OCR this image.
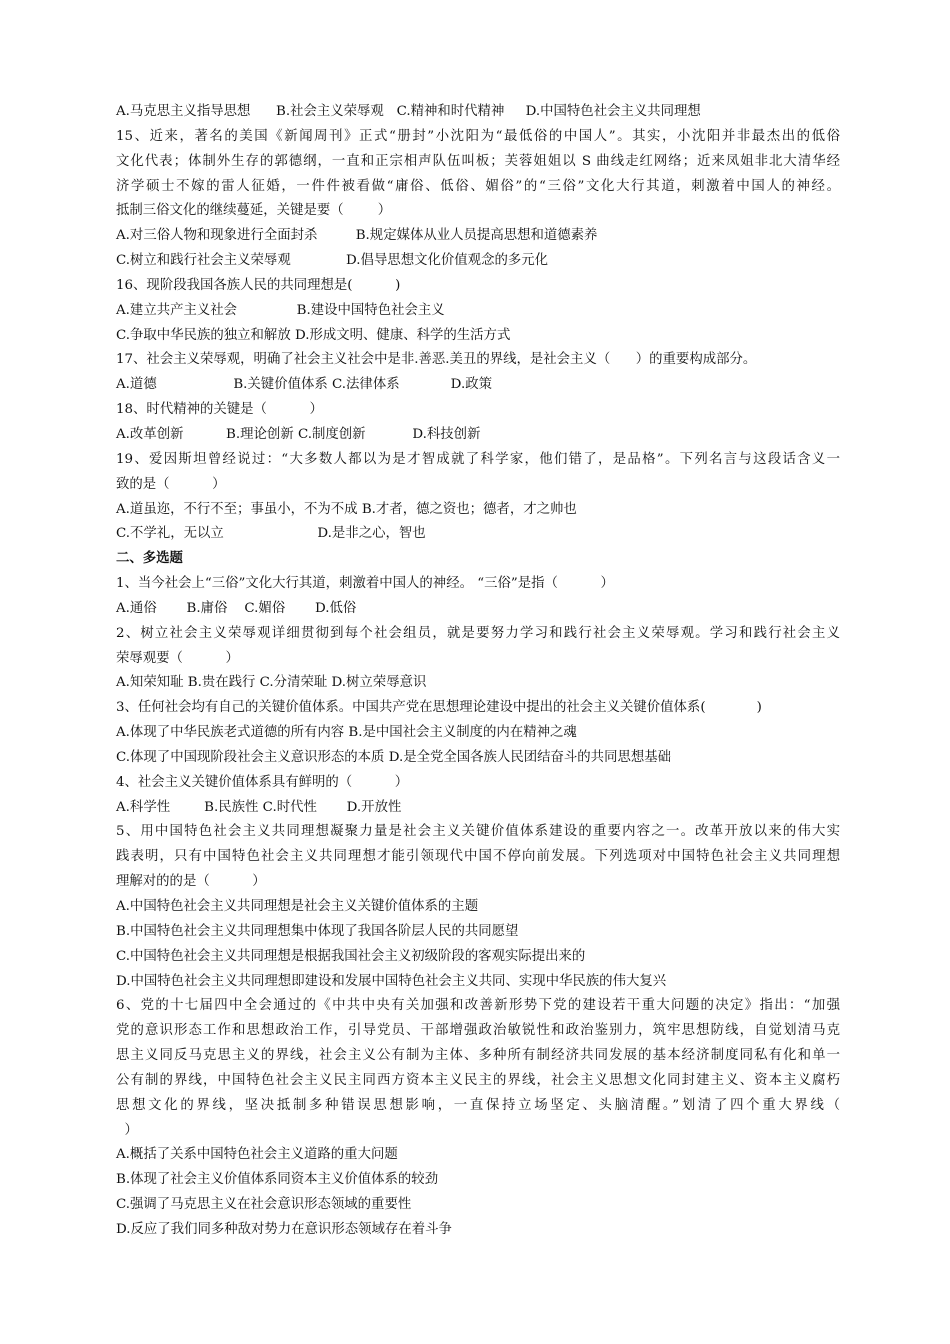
A.马克思主义指导思想      B.社会主义荣辱观   C.精神和时代精神     D.中国特色社会主义共同理想
15、近来，著名的美国《新闻周刊》正式“册封”小沈阳为“最低俗的中国人”。其实，小沈阳并非最杰出的低俗
文化代表；体制外生存的郭德纲，一直和正宗相声队伍叫板；芙蓉姐姐以 S 曲线走红网络；近来凤姐非北大清华经
济学硕士不嫁的雷人征婚，一件件被看做“庸俗、低俗、媚俗”的“三俗”文化大行其道，刺激着中国人的神经。
抵制三俗文化的继续蔓延，关键是要（        ）
A.对三俗人物和现象进行全面封杀         B.规定媒体从业人员提高思想和道德素养
C.树立和践行社会主义荣辱观             D.倡导思想文化价值观念的多元化
16、现阶段我国各族人民的共同理想是(          )
A.建立共产主义社会              B.建设中国特色社会主义
C.争取中华民族的独立和解放 D.形成文明、健康、科学的生活方式
17、社会主义荣辱观，明确了社会主义社会中是非.善恶.美丑的界线，是社会主义（      ）的重要构成部分。
A.道德                  B.关键价值体系 C.法律体系            D.政策
18、时代精神的关键是（          ）
A.改革创新          B.理论创新 C.制度创新           D.科技创新
19、爱因斯坦曾经说过：“大多数人都以为是才智成就了科学家，他们错了，是品格”。下列名言与这段话含义一
致的是（          ）
A.道虽迩，不行不至；事虽小，不为不成 B.才者，德之资也；德者，才之帅也
C.不学礼，无以立                      D.是非之心，智也
二、多选题
1、当今社会上“三俗”文化大行其道，刺激着中国人的神经。 “三俗”是指（          ）
A.通俗       B.庸俗    C.媚俗       D.低俗
2、树立社会主义荣辱观详细贯彻到每个社会组员，就是要努力学习和践行社会主义荣辱观。学习和践行社会主义
荣辱观要（          ）
A.知荣知耻 B.贵在践行 C.分清荣耻 D.树立荣辱意识
3、任何社会均有自己的关键价值体系。中国共产党在思想理论建设中提出的社会主义关键价值体系(            )
A.体现了中华民族老式道德的所有内容 B.是中国社会主义制度的内在精神之魂
C.体现了中国现阶段社会主义意识形态的本质 D.是全党全国各族人民团结奋斗的共同思想基础
4、社会主义关键价值体系具有鲜明的（          ）
A.科学性        B.民族性 C.时代性       D.开放性
5、用中国特色社会主义共同理想凝聚力量是社会主义关键价值体系建设的重要内容之一。改革开放以来的伟大实
践表明，只有中国特色社会主义共同理想才能引领现代中国不停向前发展。下列选项对中国特色社会主义共同理想
理解对的的是（          ）
A.中国特色社会主义共同理想是社会主义关键价值体系的主题
B.中国特色社会主义共同理想集中体现了我国各阶层人民的共同愿望
C.中国特色社会主义共同理想是根据我国社会主义初级阶段的客观实际提出来的
D.中国特色社会主义共同理想即建设和发展中国特色社会主义共同、实现中华民族的伟大复兴
6、党的十七届四中全会通过的《中共中央有关加强和改善新形势下党的建设若干重大问题的决定》指出：“加强
党的意识形态工作和思想政治工作，引导党员、干部增强政治敏锐性和政治鉴别力，筑牢思想防线，自觉划清马克
思主义同反马克思主义的界线，社会主义公有制为主体、多种所有制经济共同发展的基本经济制度同私有化和单一
公有制的界线，中国特色社会主义民主同西方资本主义民主的界线，社会主义思想文化同封建主义、资本主义腐朽
思想文化的界线，坚决抵制多种错误思想影响，一直保持立场坚定、头脑清醒。”划清了四个重大界线（
）
A.概括了关系中国特色社会主义道路的重大问题
B.体现了社会主义价值体系同资本主义价值体系的较劲
C.强调了马克思主义在社会意识形态领域的重要性
D.反应了我们同多种敌对势力在意识形态领域存在着斗争
